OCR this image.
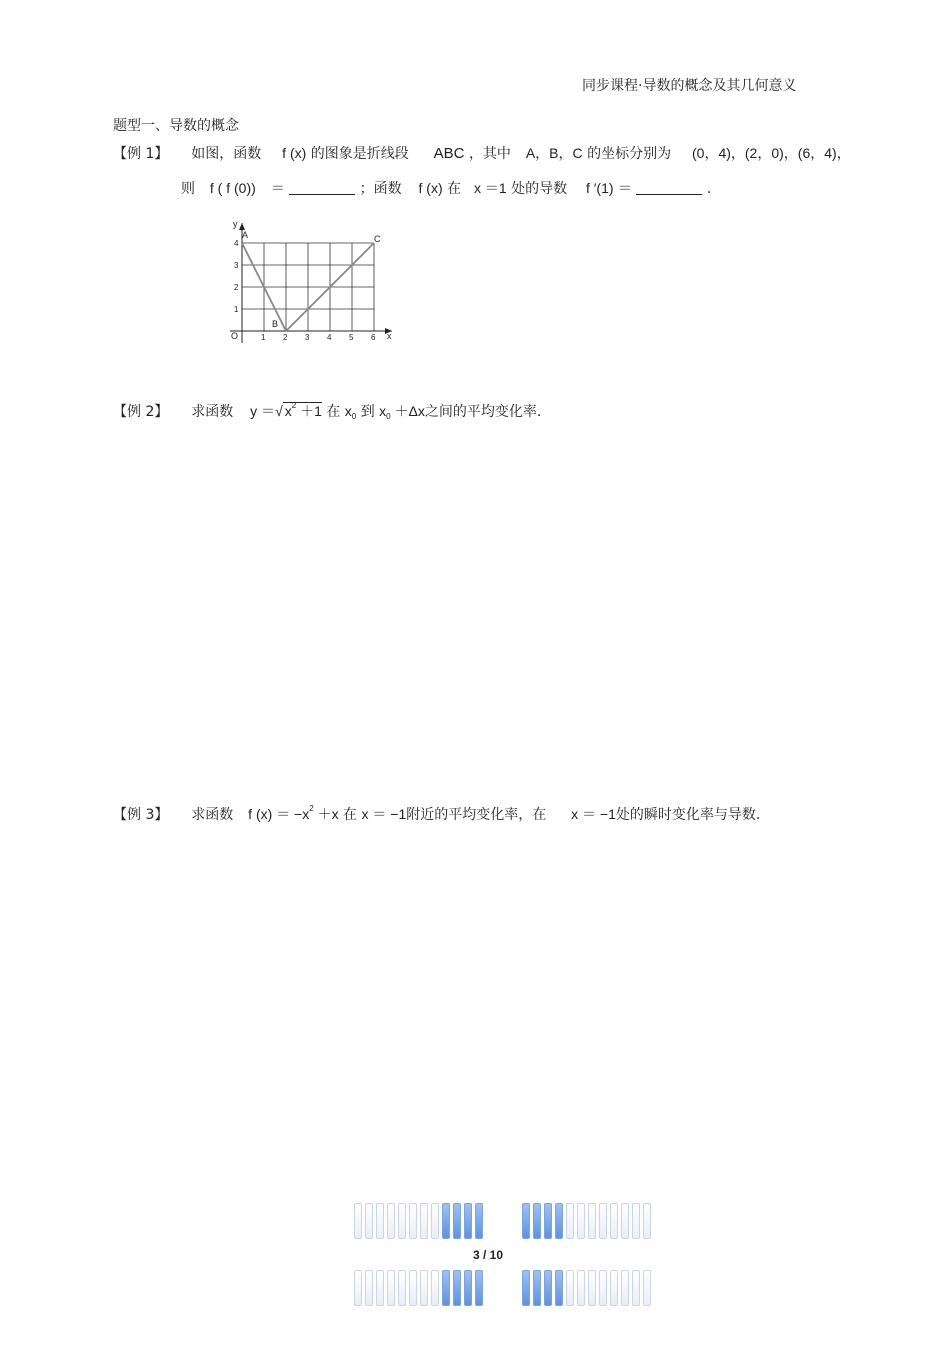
同步课程·导数的概念及其几何意义
题型一、导数的概念
【例 1】 如图，函数 f (x) 的图象是折线段 ABC ，其中 A，B，C 的坐标分别为 (0，4)，(2，0)，(6，4)，
则 f ( f (0)) ＝	；函数 f (x) 在 x ＝1 处的导数 f ′(1) ＝	.
y
x
O
A
B
C
1 2 3 4 5 6
1
2
3
4
【例 2】 求函数 y ＝√ $x^2 +1$ 在 $x_0$ 到 $x_0 +\Delta x$之间的平均变化率.
【例 3】 求函数 f $(x) = -x^2 +x$ 在 x ＝ −1附近的平均变化率，在 x ＝ −1处的瞬时变化率与导数.
3 / 10
